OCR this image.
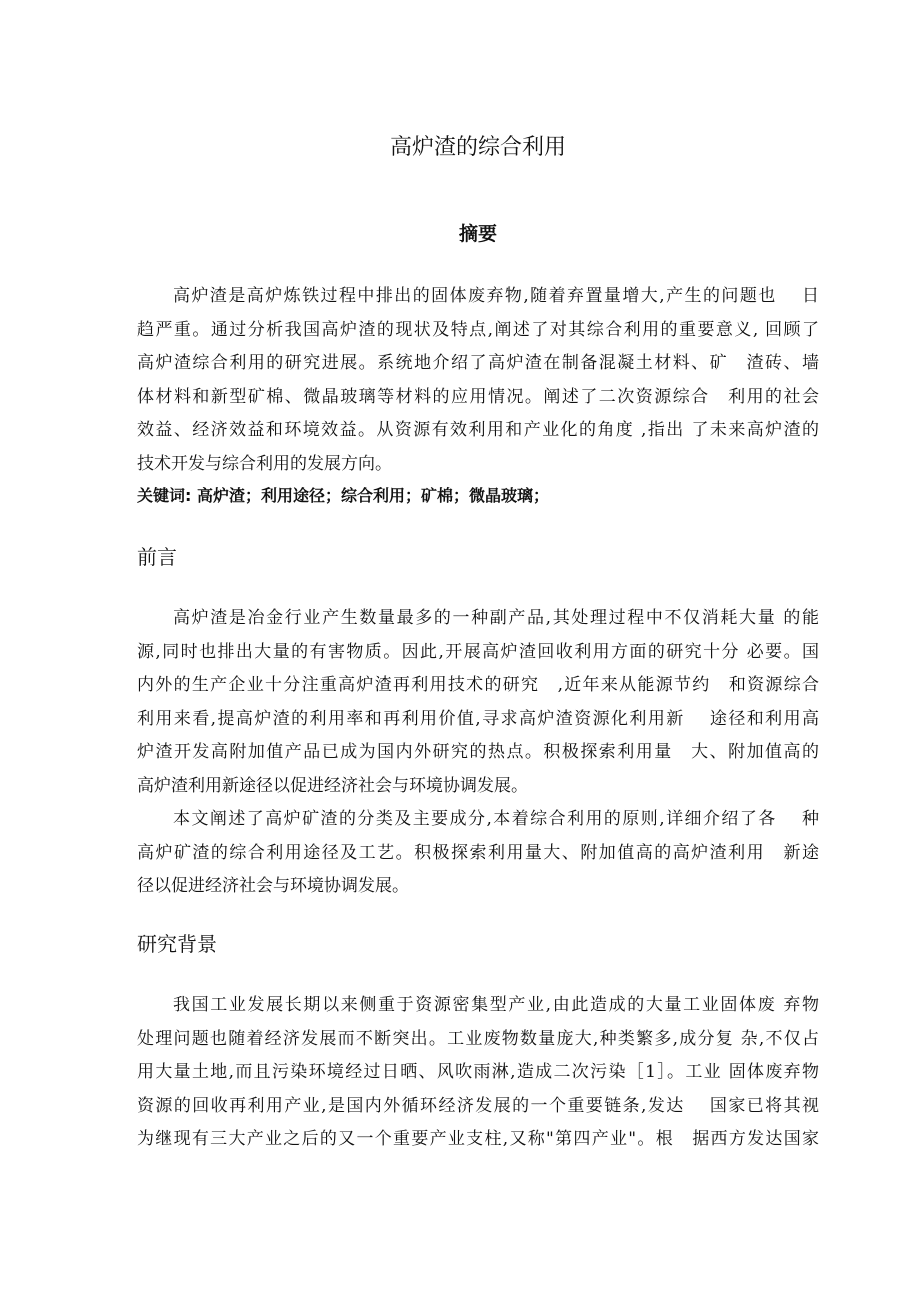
高炉渣的综合利用
摘要
高炉渣是高炉炼铁过程中排出的固体废弃物,随着弃置量增大,产生的问题也　 日
趋严重。通过分析我国高炉渣的现状及特点,阐述了对其综合利用的重要意义, 回顾了
高炉渣综合利用的研究进展。系统地介绍了高炉渣在制备混凝土材料、矿　渣砖、墙
体材料和新型矿棉、微晶玻璃等材料的应用情况。阐述了二次资源综合　利用的社会
效益、经济效益和环境效益。从资源有效利用和产业化的角度 ,指出 了未来高炉渣的
技术开发与综合利用的发展方向。
关键词: 高炉渣；利用途径；综合利用；矿棉；微晶玻璃；
前言
高炉渣是冶金行业产生数量最多的一种副产品,其处理过程中不仅消耗大量 的能
源,同时也排出大量的有害物质。因此,开展高炉渣回收利用方面的研究十分 必要。国
内外的生产企业十分注重高炉渣再利用技术的研究　,近年来从能源节约　和资源综合
利用来看,提高炉渣的利用率和再利用价值,寻求高炉渣资源化利用新　 途径和利用高
炉渣开发高附加值产品已成为国内外研究的热点。积极探索利用量　大、附加值高的
高炉渣利用新途径以促进经济社会与环境协调发展。
本文阐述了高炉矿渣的分类及主要成分,本着综合利用的原则,详细介绍了各　 种
高炉矿渣的综合利用途径及工艺。积极探索利用量大、附加值高的高炉渣利用　新途
径以促进经济社会与环境协调发展。
研究背景
我国工业发展长期以来侧重于资源密集型产业,由此造成的大量工业固体废 弃物
处理问题也随着经济发展而不断突出。工业废物数量庞大,种类繁多,成分复 杂,不仅占
用大量土地,而且污染环境经过日晒、风吹雨淋,造成二次污染［1］。工业 固体废弃物
资源的回收再利用产业,是国内外循环经济发展的一个重要链条,发达　 国家已将其视
为继现有三大产业之后的又一个重要产业支柱,又称"第四产业"。根　据西方发达国家
